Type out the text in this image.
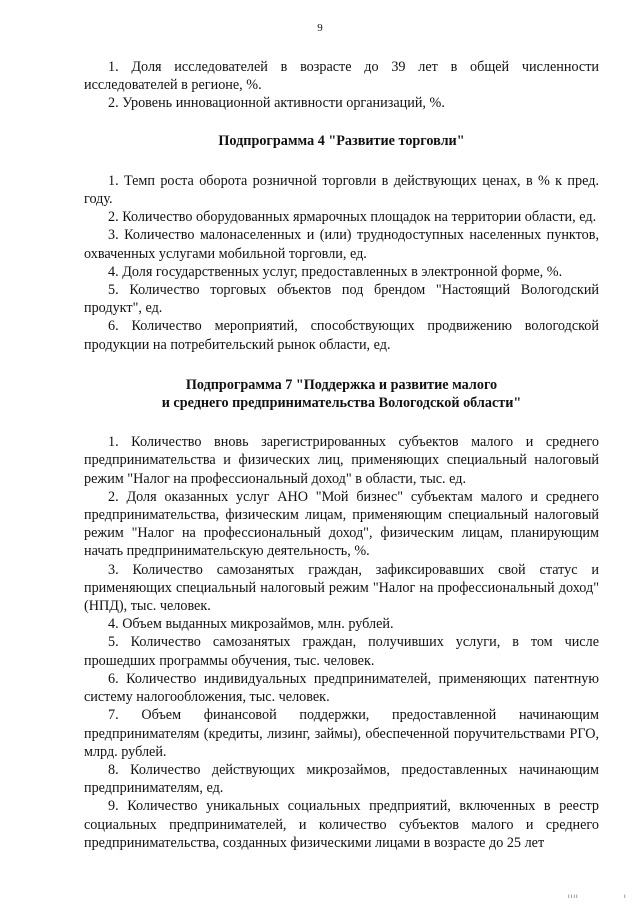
9

1. Доля исследователей в возрасте до 39 лет в общей численности исследователей в регионе, %.

2. Уровень инновационной активности организаций, %.

Подпрограмма 4 "Развитие торговли"

1. Темп роста оборота розничной торговли в действующих ценах, в % к пред. году.

2. Количество оборудованных ярмарочных площадок на территории области, ед.

3. Количество малонаселенных и (или) труднодоступных населенных пунктов, охваченных услугами мобильной торговли, ед.

4. Доля государственных услуг, предоставленных в электронной форме, %.

5. Количество торговых объектов под брендом "Настоящий Вологодский продукт", ед.

6. Количество мероприятий, способствующих продвижению вологодской продукции на потребительский рынок области, ед.

Подпрограмма 7 "Поддержка и развитие малого
и среднего предпринимательства Вологодской области"

1. Количество вновь зарегистрированных субъектов малого и среднего предпринимательства и физических лиц, применяющих специальный налоговый режим "Налог на профессиональный доход" в области, тыс. ед.

2. Доля оказанных услуг АНО "Мой бизнес" субъектам малого и среднего предпринимательства, физическим лицам, применяющим специальный налоговый режим "Налог на профессиональный доход", физическим лицам, планирующим начать предпринимательскую деятельность, %.

3. Количество самозанятых граждан, зафиксировавших свой статус и применяющих специальный налоговый режим "Налог на профессиональный доход" (НПД), тыс. человек.

4. Объем выданных микрозаймов, млн. рублей.

5. Количество самозанятых граждан, получивших услуги, в том числе прошедших программы обучения, тыс. человек.

6. Количество индивидуальных предпринимателей, применяющих патентную систему налогообложения, тыс. человек.

7. Объем финансовой поддержки, предоставленной начинающим предпринимателям (кредиты, лизинг, займы), обеспеченной поручительствами РГО, млрд. рублей.

8. Количество действующих микрозаймов, предоставленных начинающим предпринимателям, ед.

9. Количество уникальных социальных предприятий, включенных в реестр социальных предпринимателей, и количество субъектов малого и среднего предпринимательства, созданных физическими лицами в возрасте до 25 лет

ıııı	ı
